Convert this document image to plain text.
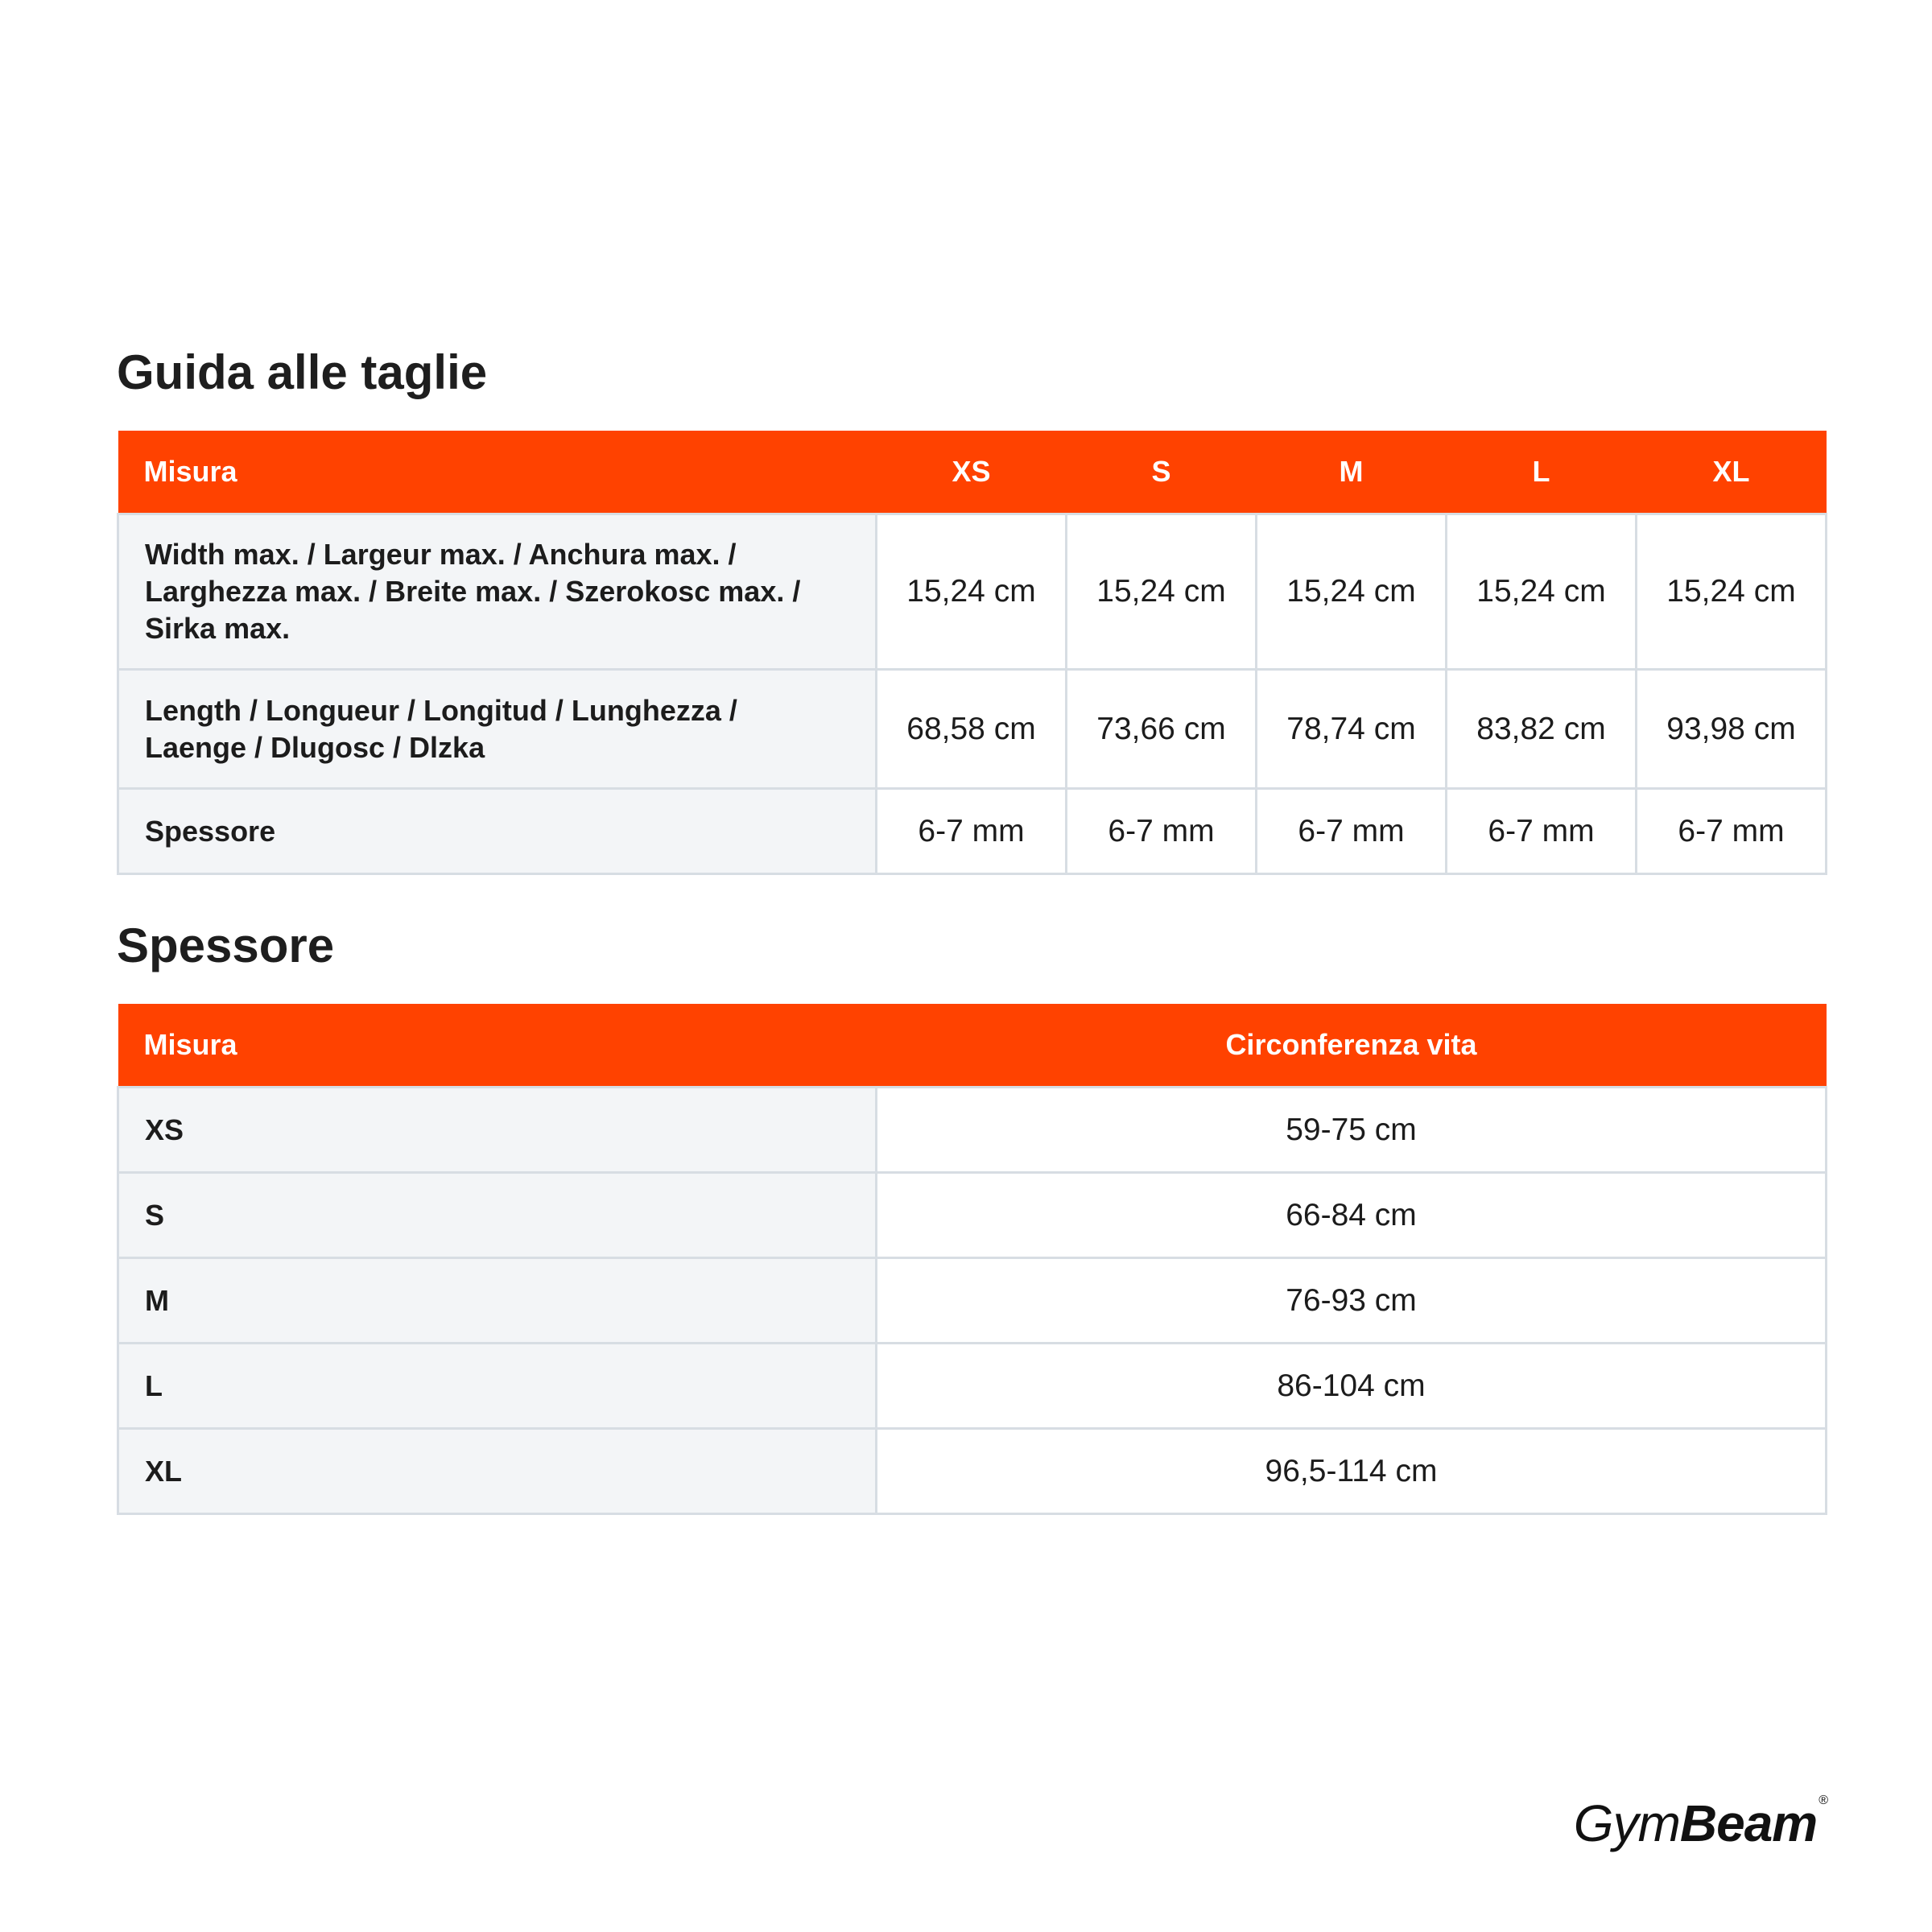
Guida alle taglie
Misura	XS	S	M	L	XL

Width max. / Largeur max. / Anchura max. /
Larghezza max. / Breite max. / Szerokosc max. /
Sirka max.	15,24 cm	15,24 cm	15,24 cm	15,24 cm	15,24 cm

Length / Longueur / Longitud / Lunghezza /
Laenge / Dlugosc / Dlzka	68,58 cm	73,66 cm	78,74 cm	83,82 cm	93,98 cm

Spessore	6-7 mm	6-7 mm	6-7 mm	6-7 mm	6-7 mm
Spessore
Misura	Circonferenza vita
XS	59-75 cm
S	66-84 cm
M	76-93 cm
L	86-104 cm
XL	96,5-114 cm
GymBeam ®
